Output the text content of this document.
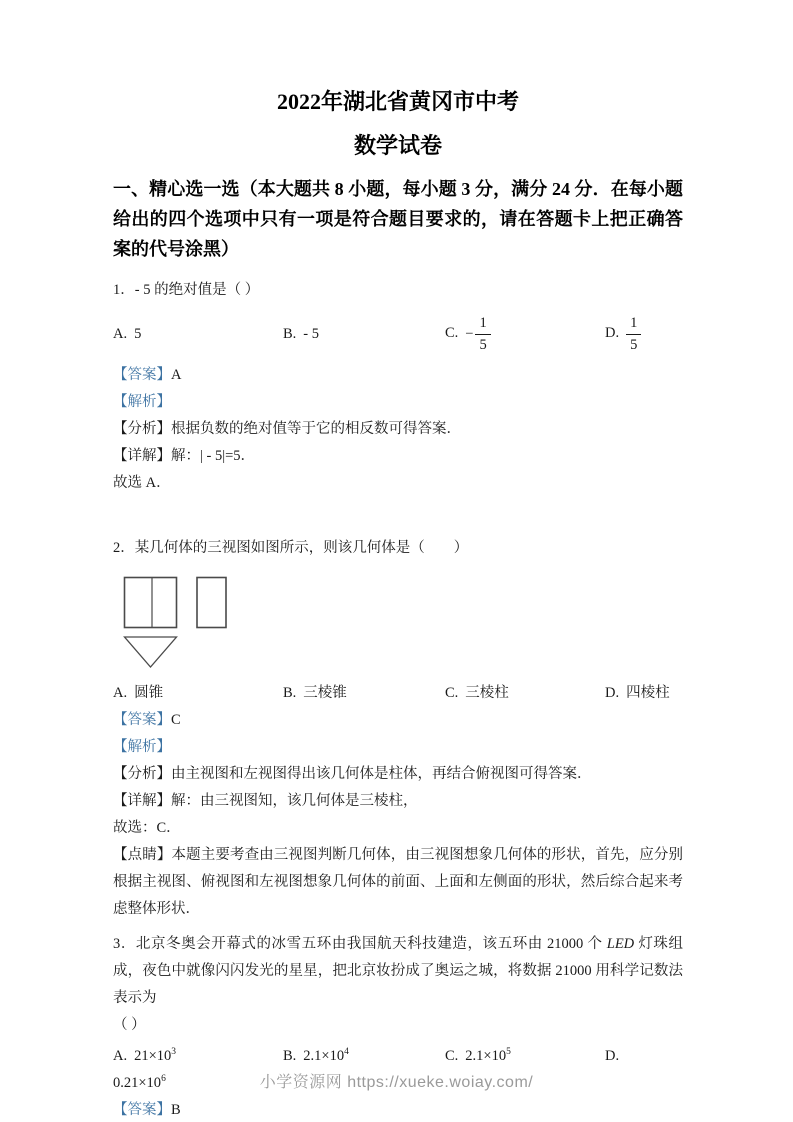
2022年湖北省黄冈市中考
数学试卷
一、精心选一选（本大题共 8 小题，每小题 3 分，满分 24 分．在每小题给出的四个选项中只有一项是符合题目要求的，请在答题卡上把正确答案的代号涂黑）
1．- 5 的绝对值是（ ）
A. 5	B. - 5	C. − $\frac{1}{5}$	D. $\frac{1}{5}$
【答案】A
【解析】
【分析】根据负数的绝对值等于它的相反数可得答案．
【详解】解：| - 5|=5．
故选 A．
2．某几何体的三视图如图所示，则该几何体是（　　）
A. 圆锥	B. 三棱锥	C. 三棱柱	D. 四棱柱
【答案】C
【解析】
【分析】由主视图和左视图得出该几何体是柱体，再结合俯视图可得答案．
【详解】解：由三视图知，该几何体是三棱柱，
故选：C．
【点睛】本题主要考查由三视图判断几何体，由三视图想象几何体的形状，首先，应分别根据主视图、俯视图和左视图想象几何体的前面、上面和左侧面的形状，然后综合起来考虑整体形状．
3．北京冬奥会开幕式的冰雪五环由我国航天科技建造，该五环由 21000 个 LED 灯珠组成，夜色中就像闪闪发光的星星，把北京妆扮成了奥运之城，将数据 21000 用科学记数法表示为
（ ）
A. $21\times 10^3$	B. $2.1\times 10^4$	C. $2.1\times 10^5$	D.
$0.21\times 10^6$
【答案】B
小学资源网 https://xueke.woiay.com/
